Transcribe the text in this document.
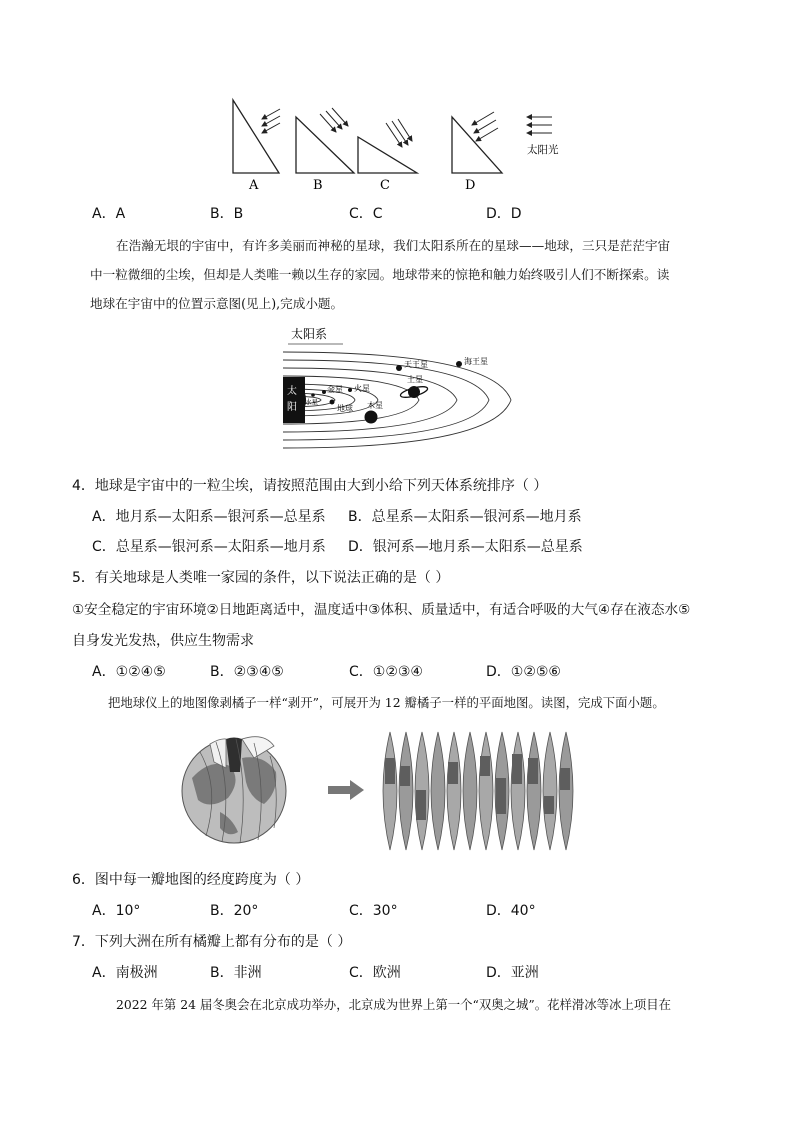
A	B	C	D
太阳光
A．A	B．B	C．C	D．D
在浩瀚无垠的宇宙中，有许多美丽而神秘的星球，我们太阳系所在的星球——地球，三只是茫茫宇宙
中一粒微细的尘埃，但却是人类唯一赖以生存的家园。地球带来的惊艳和触力始终吸引人们不断探索。读
地球在宇宙中的位置示意图(见上),完成小题。
太阳系
太
阳 水星
金星
地球
火星
木星
土星
天王星	海王星
4．地球是宇宙中的一粒尘埃，请按照范围由大到小给下列天体系统排序（ ）
A．地月系—太阳系—银河系—总星系 B．总星系—太阳系—银河系—地月系
C．总星系—银河系—太阳系—地月系 D．银河系—地月系—太阳系—总星系
5．有关地球是人类唯一家园的条件，以下说法正确的是（ ）
①安全稳定的宇宙环境②日地距离适中，温度适中③体积、质量适中，有适合呼吸的大气④存在液态水⑤
自身发光发热，供应生物需求
A．①②④⑤	B．②③④⑤	C．①②③④	D．①②⑤⑥
把地球仪上的地图像剥橘子一样“剥开”，可展开为 12 瓣橘子一样的平面地图。读图，完成下面小题。
6．图中每一瓣地图的经度跨度为（ ）
A．10°	B．20°	C．30°	D．40°
7．下列大洲在所有橘瓣上都有分布的是（ ）
A．南极洲	B．非洲	C．欧洲	D．亚洲
2022 年第 24 届冬奥会在北京成功举办，北京成为世界上第一个“双奥之城”。花样滑冰等冰上项目在
